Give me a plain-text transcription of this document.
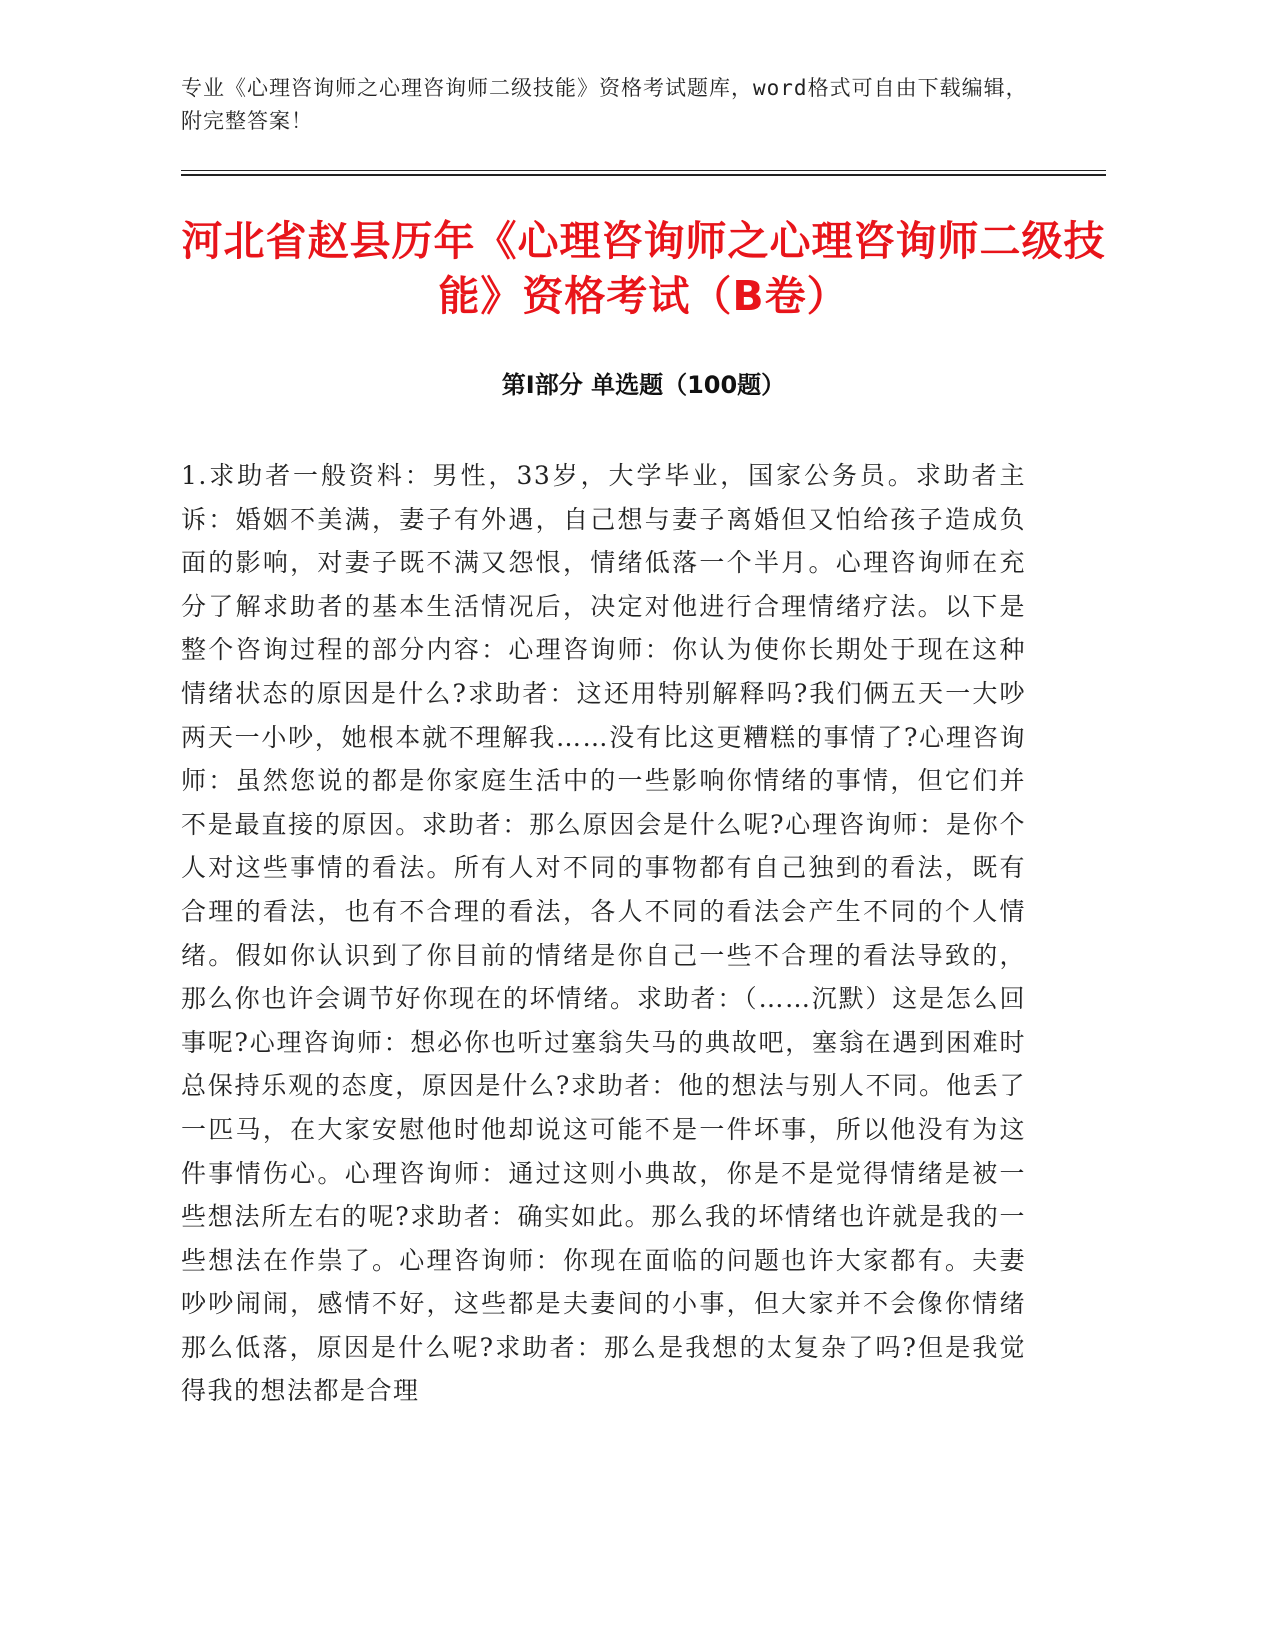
专业《心理咨询师之心理咨询师二级技能》资格考试题库，word格式可自由下载编辑，附完整答案！
河北省赵县历年《心理咨询师之心理咨询师二级技能》资格考试（B卷）
第Ⅰ部分 单选题（100题）
1.求助者一般资料：男性，33岁，大学毕业，国家公务员。求助者主诉：婚姻不美满，妻子有外遇，自己想与妻子离婚但又怕给孩子造成负面的影响，对妻子既不满又怨恨，情绪低落一个半月。心理咨询师在充分了解求助者的基本生活情况后，决定对他进行合理情绪疗法。以下是整个咨询过程的部分内容：心理咨询师：你认为使你长期处于现在这种情绪状态的原因是什么?求助者：这还用特别解释吗?我们俩五天一大吵两天一小吵，她根本就不理解我……没有比这更糟糕的事情了?心理咨询师：虽然您说的都是你家庭生活中的一些影响你情绪的事情，但它们并不是最直接的原因。求助者：那么原因会是什么呢?心理咨询师：是你个人对这些事情的看法。所有人对不同的事物都有自己独到的看法，既有合理的看法，也有不合理的看法，各人不同的看法会产生不同的个人情绪。假如你认识到了你目前的情绪是你自己一些不合理的看法导致的，那么你也许会调节好你现在的坏情绪。求助者：（……沉默）这是怎么回事呢?心理咨询师：想必你也听过塞翁失马的典故吧，塞翁在遇到困难时总保持乐观的态度，原因是什么?求助者：他的想法与别人不同。他丢了一匹马，在大家安慰他时他却说这可能不是一件坏事，所以他没有为这件事情伤心。心理咨询师：通过这则小典故，你是不是觉得情绪是被一些想法所左右的呢?求助者：确实如此。那么我的坏情绪也许就是我的一些想法在作祟了。心理咨询师：你现在面临的问题也许大家都有。夫妻吵吵闹闹，感情不好，这些都是夫妻间的小事，但大家并不会像你情绪那么低落，原因是什么呢?求助者：那么是我想的太复杂了吗?但是我觉得我的想法都是合理
